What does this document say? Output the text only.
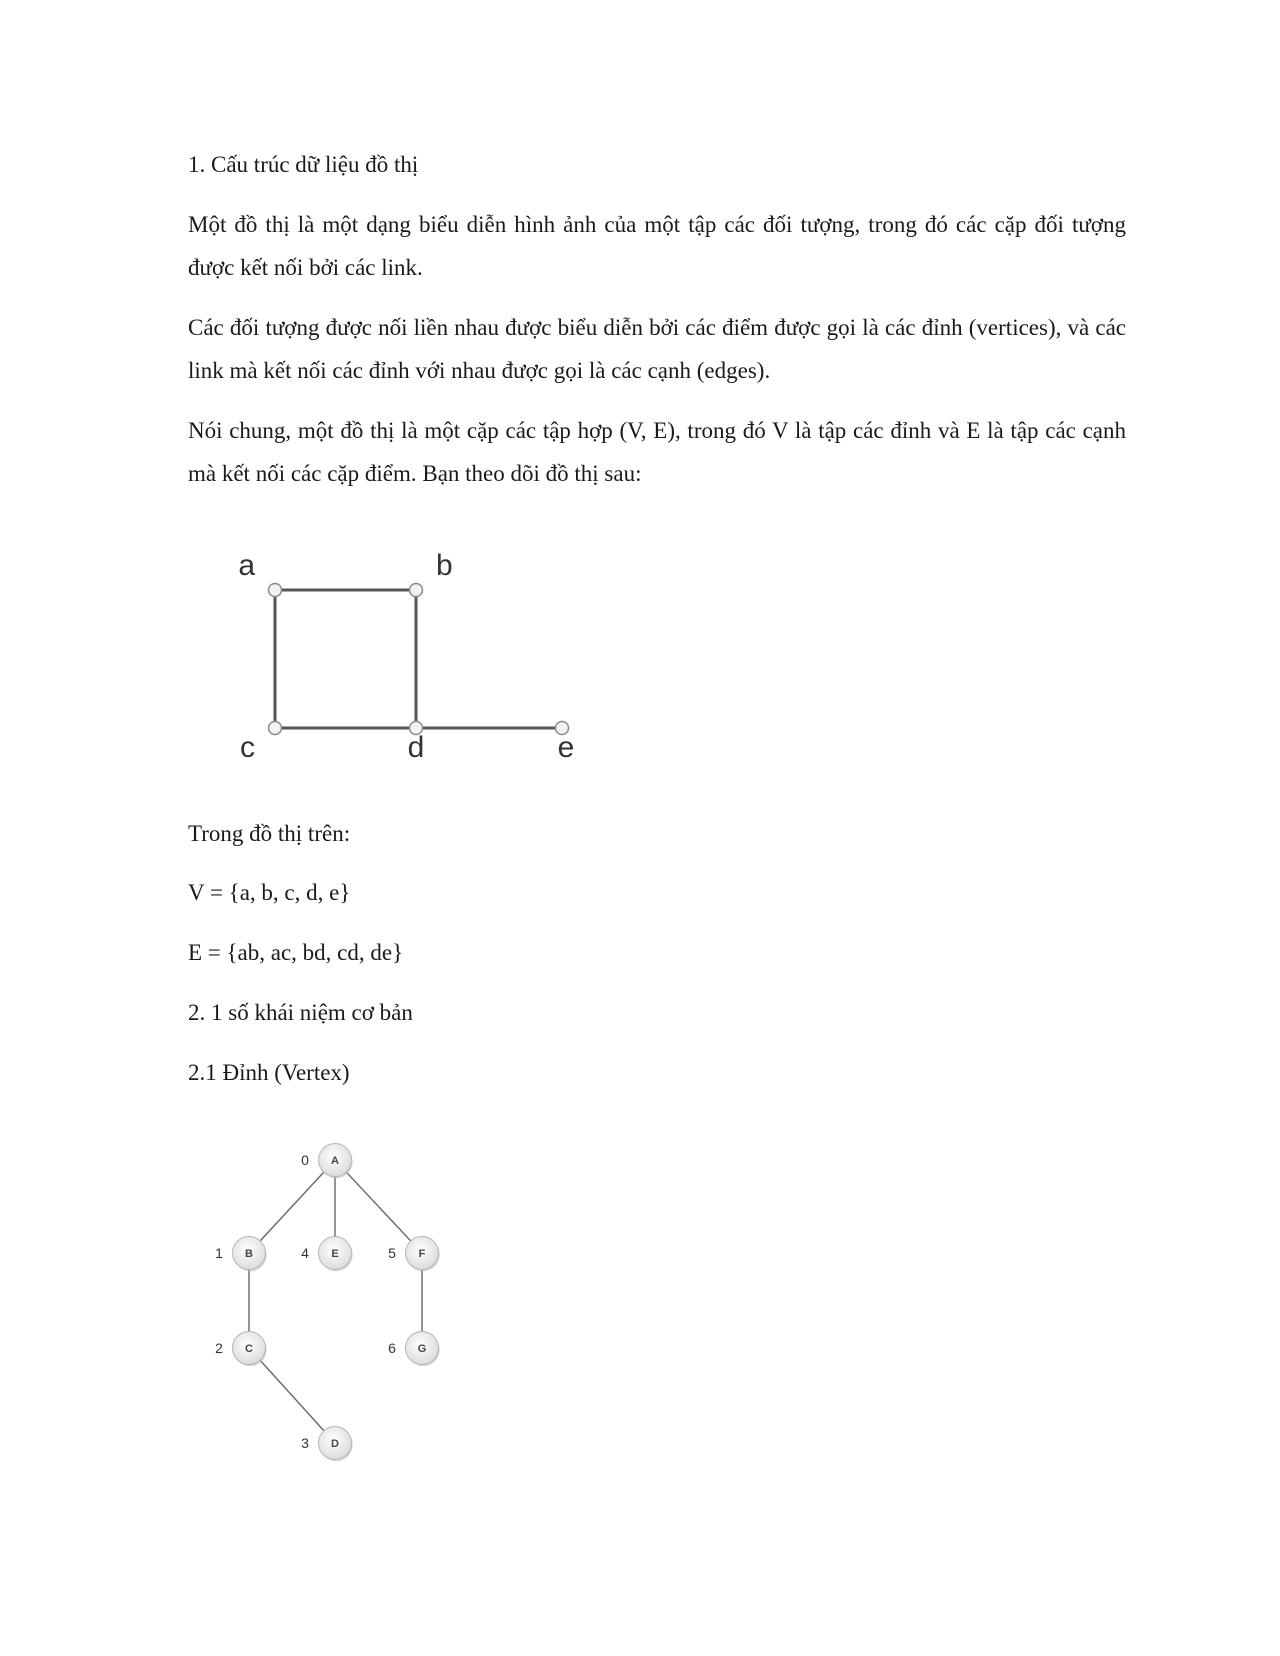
1. Cấu trúc dữ liệu đồ thị

Một đồ thị là một dạng biểu diễn hình ảnh của một tập các đối tượng, trong đó các cặp đối tượng được kết nối bởi các link.

Các đối tượng được nối liền nhau được biểu diễn bởi các điểm được gọi là các đỉnh (vertices), và các link mà kết nối các đỉnh với nhau được gọi là các cạnh (edges).

Nói chung, một đồ thị là một cặp các tập hợp (V, E), trong đó V là tập các đỉnh và E là tập các cạnh mà kết nối các cặp điểm. Bạn theo dõi đồ thị sau:

a	b
c	d	e

Trong đồ thị trên:

V = {a, b, c, d, e}

E = {ab, ac, bd, cd, de}

2. 1 số khái niệm cơ bản

2.1 Đỉnh (Vertex)

A
0
B
1
C
2
D
3
E
4	F
5
G
6
